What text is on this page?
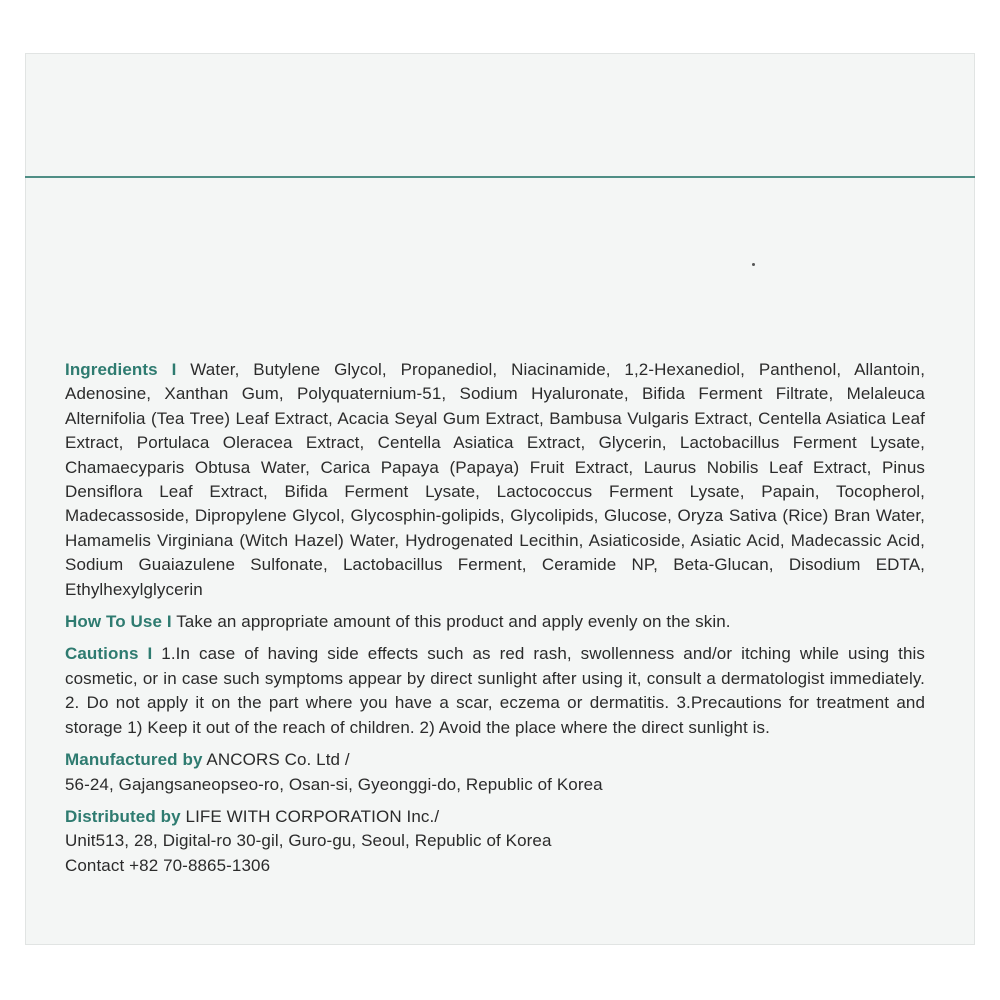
Ingredients I Water, Butylene Glycol, Propanediol, Niacinamide, 1,2-Hexanediol, Panthenol, Allantoin, Adenosine, Xanthan Gum, Polyquaternium-51, Sodium Hyaluronate, Bifida Ferment Filtrate, Melaleuca Alternifolia (Tea Tree) Leaf Extract, Acacia Seyal Gum Extract, Bambusa Vulgaris Extract, Centella Asiatica Leaf Extract, Portulaca Oleracea Extract, Centella Asiatica Extract, Glycerin, Lactobacillus Ferment Lysate, Chamaecyparis Obtusa Water, Carica Papaya (Papaya) Fruit Extract, Laurus Nobilis Leaf Extract, Pinus Densiflora Leaf Extract, Bifida Ferment Lysate, Lactococcus Ferment Lysate, Papain, Tocopherol, Madecassoside, Dipropylene Glycol, Glycosphin-golipids, Glycolipids, Glucose, Oryza Sativa (Rice) Bran Water, Hamamelis Virginiana (Witch Hazel) Water, Hydrogenated Lecithin, Asiaticoside, Asiatic Acid, Madecassic Acid, Sodium Guaiazulene Sulfonate, Lactobacillus Ferment, Ceramide NP, Beta-Glucan, Disodium EDTA, Ethylhexylglycerin

How To Use I Take an appropriate amount of this product and apply evenly on the skin.

Cautions I 1.In case of having side effects such as red rash, swollenness and/or itching while using this cosmetic, or in case such symptoms appear by direct sunlight after using it, consult a dermatologist immediately. 2. Do not apply it on the part where you have a scar, eczema or dermatitis. 3.Precautions for treatment and storage 1) Keep it out of the reach of children. 2) Avoid the place where the direct sunlight is.

Manufactured by ANCORS Co. Ltd /
56-24, Gajangsaneopseo-ro, Osan-si, Gyeonggi-do, Republic of Korea

Distributed by LIFE WITH CORPORATION Inc./
Unit513, 28, Digital-ro 30-gil, Guro-gu, Seoul, Republic of Korea
Contact +82 70-8865-1306
